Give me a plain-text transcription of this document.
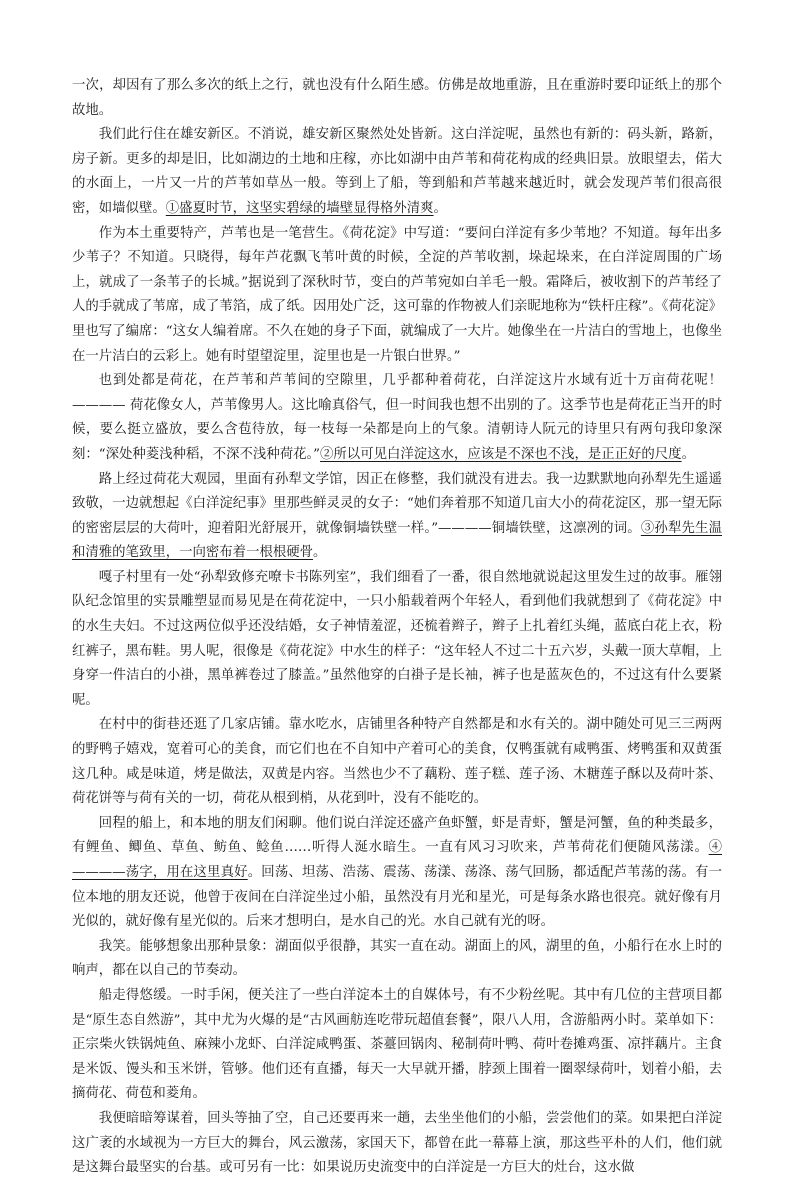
一次，却因有了那么多次的纸上之行，就也没有什么陌生感。仿佛是故地重游，且在重游时要印证纸上的那个故地。

我们此行住在雄安新区。不消说，雄安新区聚然处处皆新。这白洋淀呢，虽然也有新的：码头新，路新，房子新。更多的却是旧，比如湖边的土地和庄稼，亦比如湖中由芦苇和荷花构成的经典旧景。放眼望去，偌大的水面上，一片又一片的芦苇如草丛一般。等到上了船，等到船和芦苇越来越近时，就会发现芦苇们很高很密，如墙似壁。①盛夏时节，这坚实碧绿的墙壁显得格外清爽。

作为本土重要特产，芦苇也是一笔营生。《荷花淀》中写道：“要问白洋淀有多少苇地？不知道。每年出多少苇子？不知道。只晓得，每年芦花飘飞苇叶黄的时候，全淀的芦苇收割，垛起垛来，在白洋淀周围的广场上，就成了一条苇子的长城。”据说到了深秋时节，变白的芦苇宛如白羊毛一般。霜降后，被收割下的芦苇经了人的手就成了苇席，成了苇箔，成了纸。因用处广泛，这可靠的作物被人们亲昵地称为“铁杆庄稼”。《荷花淀》里也写了编席：“这女人编着席。不久在她的身子下面，就编成了一大片。她像坐在一片洁白的雪地上，也像坐在一片洁白的云彩上。她有时望望淀里，淀里也是一片银白世界。”

也到处都是荷花，在芦苇和芦苇间的空隙里，几乎都种着荷花，白洋淀这片水域有近十万亩荷花呢！———— 荷花像女人，芦苇像男人。这比喻真俗气，但一时间我也想不出别的了。这季节也是荷花正当开的时候，要么挺立盛放，要么含苞待放，每一枝每一朵都是向上的气象。清朝诗人阮元的诗里只有两句我印象深刻：“深处种菱浅种稻，不深不浅种荷花。”②所以可见白洋淀这水，应该是不深也不浅，是正正好的尺度。

路上经过荷花大观园，里面有孙犁文学馆，因正在修整，我们就没有进去。我一边默默地向孙犁先生遥遥致敬，一边就想起《白洋淀纪事》里那些鲜灵灵的女子：“她们奔着那不知道几亩大小的荷花淀区，那一望无际的密密层层的大荷叶，迎着阳光舒展开，就像铜墙铁壁一样。”————铜墙铁壁，这凛冽的词。③孙犁先生温和清雅的笔致里，一向密布着一根根硬骨。

嘎子村里有一处“孙犁致修充嘹卡书陈列室”，我们细看了一番，很自然地就说起这里发生过的故事。雁翎队纪念馆里的实景雕塑显而易见是在荷花淀中，一只小船载着两个年轻人，看到他们我就想到了《荷花淀》中的水生夫妇。不过这两位似乎还没结婚，女子神情羞涩，还梳着辫子，辫子上扎着红头绳，蓝底白花上衣，粉红裤子，黑布鞋。男人呢，很像是《荷花淀》中水生的样子：“这年轻人不过二十五六岁，头戴一顶大草帽，上身穿一件洁白的小褂，黑单裤卷过了膝盖。”虽然他穿的白褂子是长袖，裤子也是蓝灰色的，不过这有什么要紧呢。

在村中的街巷还逛了几家店铺。靠水吃水，店铺里各种特产自然都是和水有关的。湖中随处可见三三两两的野鸭子嬉戏，宽着可心的美食，而它们也在不自知中产着可心的美食，仅鸭蛋就有咸鸭蛋、烤鸭蛋和双黄蛋这几种。咸是味道，烤是做法，双黄是内容。当然也少不了藕粉、莲子糕、莲子汤、木糖莲子酥以及荷叶茶、荷花饼等与荷有关的一切，荷花从根到梢，从花到叶，没有不能吃的。

回程的船上，和本地的朋友们闲聊。他们说白洋淀还盛产鱼虾蟹，虾是青虾，蟹是河蟹，鱼的种类最多，有鲤鱼、鲫鱼、草鱼、鲂鱼、鲶鱼……听得人涎水暗生。一直有风习习吹来，芦苇荷花们便随风荡漾。④————荡字，用在这里真好。回荡、坦荡、浩荡、震荡、荡漾、荡涤、荡气回肠，都适配芦苇荡的荡。有一位本地的朋友还说，他曾于夜间在白洋淀坐过小船，虽然没有月光和星光，可是每条水路也很亮。就好像有月光似的，就好像有星光似的。后来才想明白，是水自己的光。水自己就有光的呀。

我笑。能够想象出那种景象：湖面似乎很静，其实一直在动。湖面上的风，湖里的鱼，小船行在水上时的响声，都在以自己的节奏动。

船走得悠缓。一时手闲，便关注了一些白洋淀本土的自媒体号，有不少粉丝呢。其中有几位的主营项目都是“原生态自然游”，其中尤为火爆的是“古风画舫连吃带玩超值套餐”，限八人用，含游船两小时。菜单如下：正宗柴火铁锅炖鱼、麻辣小龙虾、白洋淀咸鸭蛋、茶薹回锅肉、秘制荷叶鸭、荷叶卷摊鸡蛋、凉拌藕片。主食是米饭、馒头和玉米饼，管够。他们还有直播，每天一大早就开播，脖颈上围着一圈翠绿荷叶，划着小船，去摘荷花、荷苞和菱角。

我便暗暗筹谋着，回头等抽了空，自己还要再来一趟，去坐坐他们的小船，尝尝他们的菜。如果把白洋淀这广袤的水域视为一方巨大的舞台，风云激荡，家国天下，都曾在此一幕幕上演，那这些平朴的人们，他们就是这舞台最坚实的台基。或可另有一比：如果说历史流变中的白洋淀是一方巨大的灶台，这水做
